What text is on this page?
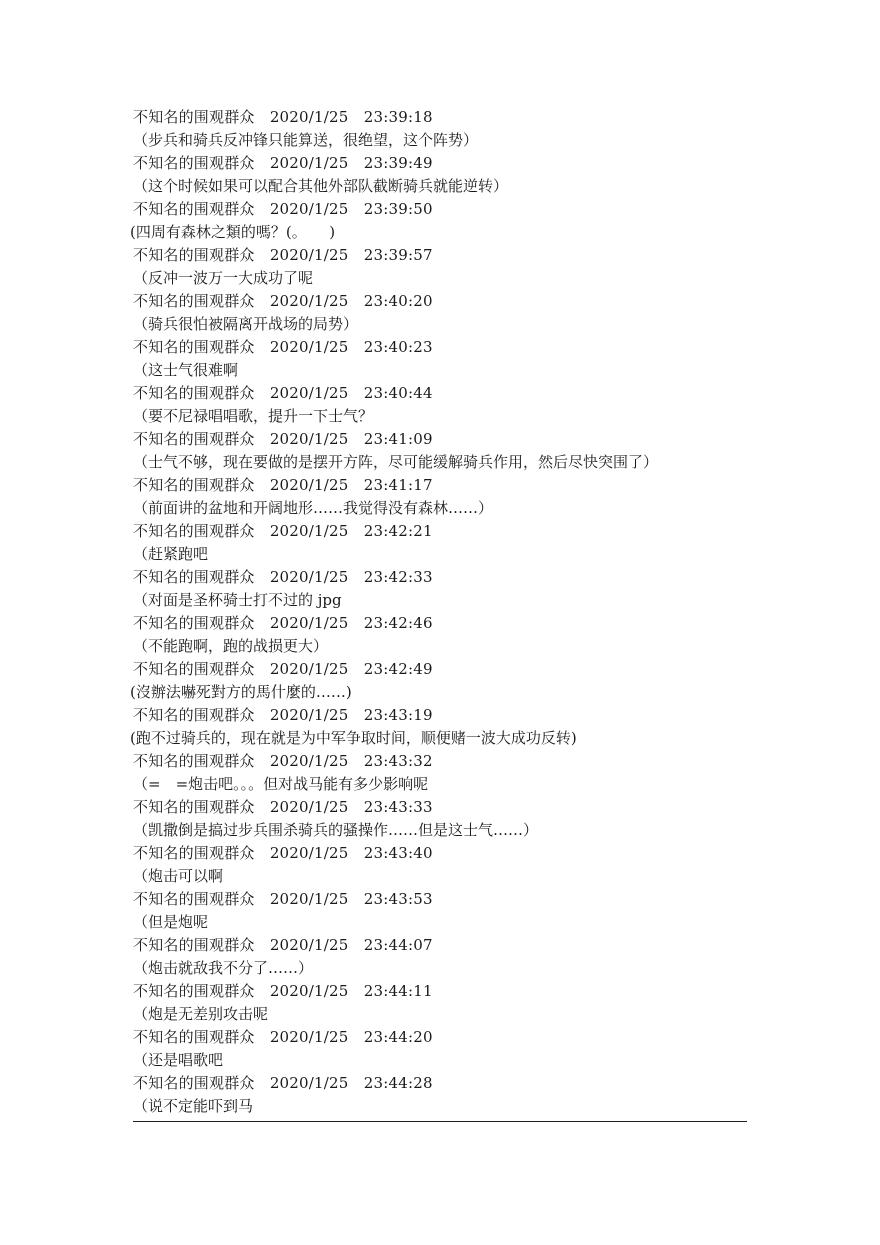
不知名的围观群众　 2020/1/25　 23:39:18
（步兵和骑兵反冲锋只能算送，很绝望，这个阵势）
不知名的围观群众　 2020/1/25　 23:39:49
（这个时候如果可以配合其他外部队截断骑兵就能逆转）
不知名的围观群众　 2020/1/25　 23:39:50
(四周有森林之類的嗎？(。　　)
不知名的围观群众　 2020/1/25　 23:39:57
（反冲一波万一大成功了呢
不知名的围观群众　 2020/1/25　 23:40:20
（骑兵很怕被隔离开战场的局势）
不知名的围观群众　 2020/1/25　 23:40:23
（这士气很难啊
不知名的围观群众　 2020/1/25　 23:40:44
（要不尼禄唱唱歌，提升一下士气？
不知名的围观群众　 2020/1/25　 23:41:09
（士气不够，现在要做的是摆开方阵，尽可能缓解骑兵作用，然后尽快突围了）
不知名的围观群众　 2020/1/25　 23:41:17
（前面讲的盆地和开阔地形……我觉得没有森林……）
不知名的围观群众　 2020/1/25　 23:42:21
（赶紧跑吧
不知名的围观群众　 2020/1/25　 23:42:33
（对面是圣杯骑士打不过的 jpg
不知名的围观群众　 2020/1/25　 23:42:46
（不能跑啊，跑的战损更大）
不知名的围观群众　 2020/1/25　 23:42:49
(沒辦法嚇死對方的馬什麼的……)
不知名的围观群众　 2020/1/25　 23:43:19
(跑不过骑兵的，现在就是为中军争取时间，顺便赌一波大成功反转)
不知名的围观群众　 2020/1/25　 23:43:32
（=　=炮击吧。。。但对战马能有多少影响呢
不知名的围观群众　 2020/1/25　 23:43:33
（凯撒倒是搞过步兵围杀骑兵的骚操作……但是这士气……）
不知名的围观群众　 2020/1/25　 23:43:40
（炮击可以啊
不知名的围观群众　 2020/1/25　 23:43:53
（但是炮呢
不知名的围观群众　 2020/1/25　 23:44:07
（炮击就敌我不分了……）
不知名的围观群众　 2020/1/25　 23:44:11
（炮是无差别攻击呢
不知名的围观群众　 2020/1/25　 23:44:20
（还是唱歌吧
不知名的围观群众　 2020/1/25　 23:44:28
（说不定能吓到马
